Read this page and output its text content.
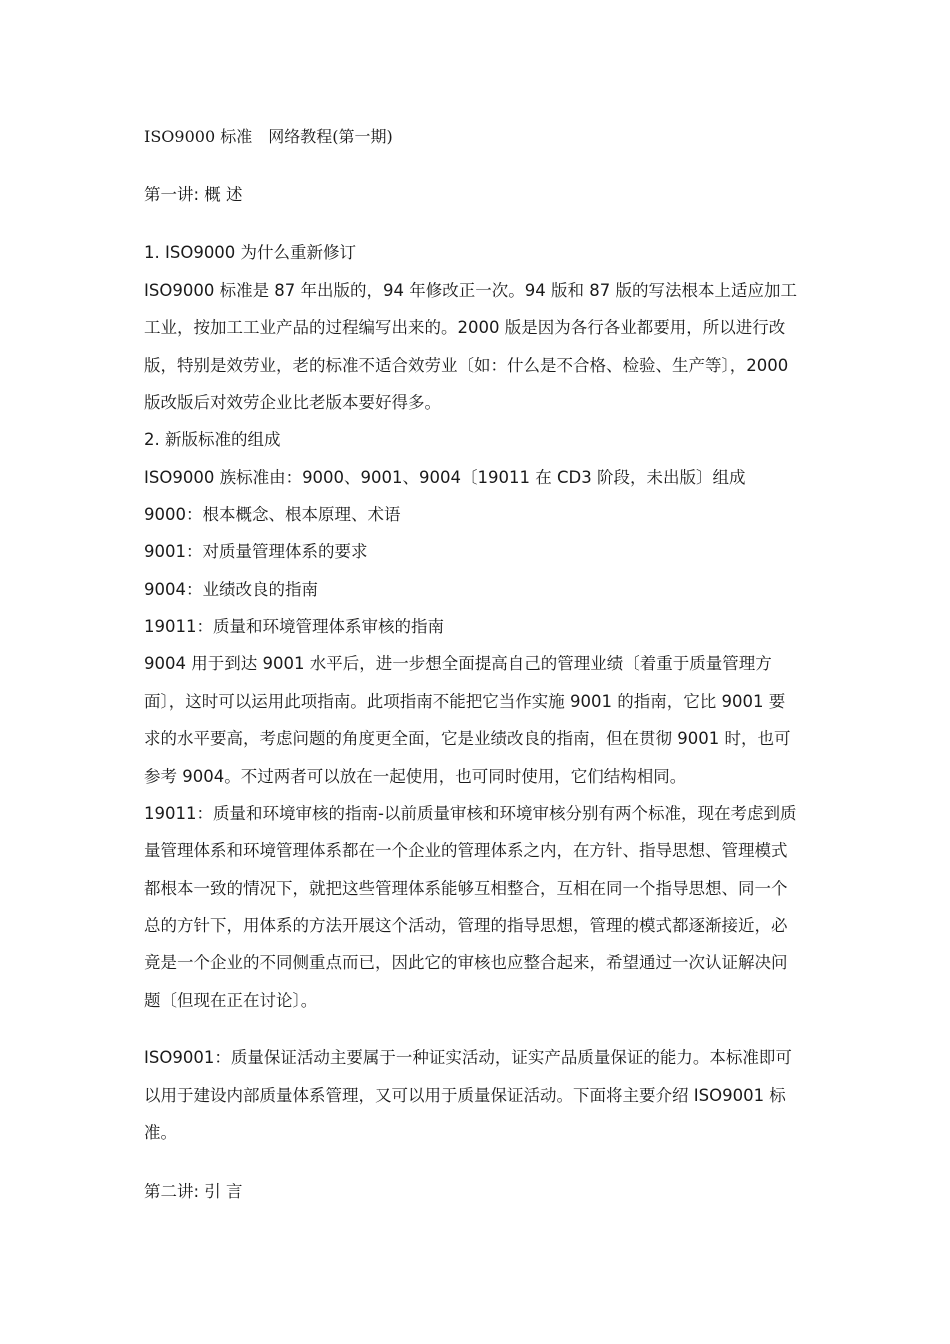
ISO9000 标准　网络教程(第一期)
第一讲: 概 述
1. ISO9000 为什么重新修订
ISO9000 标准是 87 年出版的，94 年修改正一次。94 版和 87 版的写法根本上适应加工
工业，按加工工业产品的过程编写出来的。2000 版是因为各行各业都要用，所以进行改
版，特别是效劳业，老的标准不适合效劳业〔如：什么是不合格、检验、生产等〕，2000
版改版后对效劳企业比老版本要好得多。
2. 新版标准的组成
ISO9000 族标准由：9000、9001、9004〔19011 在 CD3 阶段，未出版〕组成
9000：根本概念、根本原理、术语
9001：对质量管理体系的要求
9004：业绩改良的指南
19011：质量和环境管理体系审核的指南
9004 用于到达 9001 水平后，进一步想全面提高自己的管理业绩〔着重于质量管理方
面〕，这时可以运用此项指南。此项指南不能把它当作实施 9001 的指南，它比 9001 要
求的水平要高，考虑问题的角度更全面，它是业绩改良的指南，但在贯彻 9001 时，也可
参考 9004。不过两者可以放在一起使用，也可同时使用，它们结构相同。
19011：质量和环境审核的指南-以前质量审核和环境审核分别有两个标准，现在考虑到质
量管理体系和环境管理体系都在一个企业的管理体系之内，在方针、指导思想、管理模式
都根本一致的情况下，就把这些管理体系能够互相整合，互相在同一个指导思想、同一个
总的方针下，用体系的方法开展这个活动，管理的指导思想，管理的模式都逐渐接近，必
竟是一个企业的不同侧重点而已，因此它的审核也应整合起来，希望通过一次认证解决问
题〔但现在正在讨论〕。
ISO9001：质量保证活动主要属于一种证实活动，证实产品质量保证的能力。本标准即可
以用于建设内部质量体系管理，又可以用于质量保证活动。下面将主要介绍 ISO9001 标
准。
第二讲: 引 言
